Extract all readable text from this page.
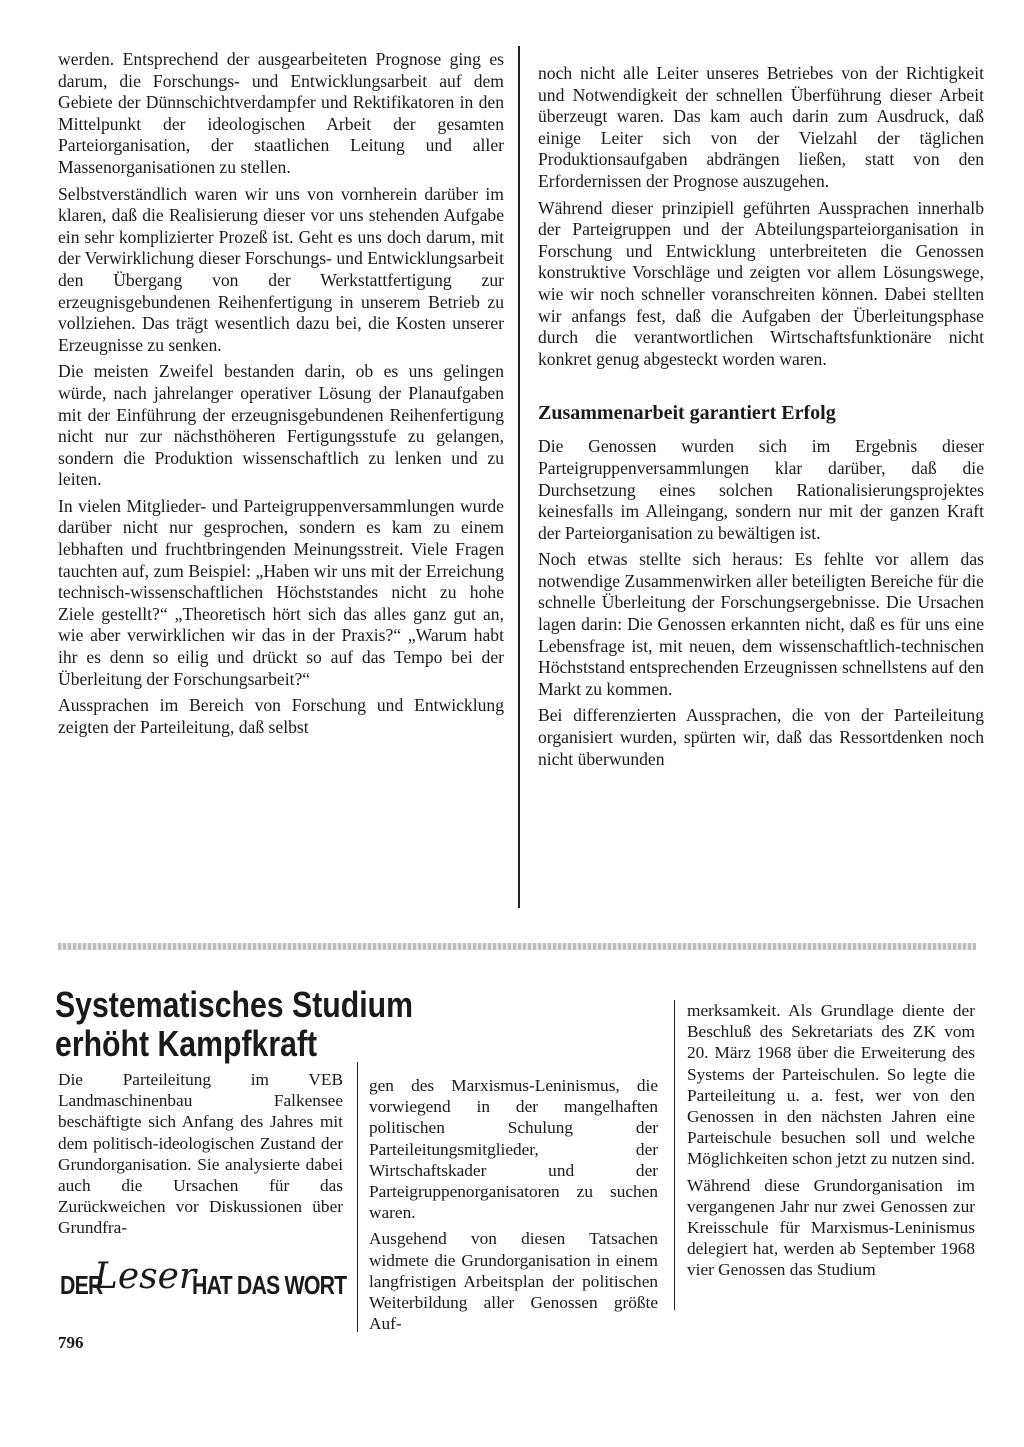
werden. Entsprechend der ausgearbeiteten Prognose ging es darum, die Forschungs- und Entwicklungsarbeit auf dem Gebiete der Dünnschichtverdampfer und Rektifikatoren in den Mittelpunkt der ideologischen Arbeit der gesamten Parteiorganisation, der staatlichen Leitung und aller Massenorganisationen zu stellen.

Selbstverständlich waren wir uns von vornherein darüber im klaren, daß die Realisierung dieser vor uns stehenden Aufgabe ein sehr komplizierter Prozeß ist. Geht es uns doch darum, mit der Verwirklichung dieser Forschungs- und Entwicklungsarbeit den Übergang von der Werkstattfertigung zur erzeugnisgebundenen Reihenfertigung in unserem Betrieb zu vollziehen. Das trägt wesentlich dazu bei, die Kosten unserer Erzeugnisse zu senken.

Die meisten Zweifel bestanden darin, ob es uns gelingen würde, nach jahrelanger operativer Lösung der Planaufgaben mit der Einführung der erzeugnisgebundenen Reihenfertigung nicht nur zur nächsthöheren Fertigungsstufe zu gelangen, sondern die Produktion wissenschaftlich zu lenken und zu leiten.

In vielen Mitglieder- und Parteigruppenversammlungen wurde darüber nicht nur gesprochen, sondern es kam zu einem lebhaften und fruchtbringenden Meinungsstreit. Viele Fragen tauchten auf, zum Beispiel: „Haben wir uns mit der Erreichung technisch-wissenschaftlichen Höchststandes nicht zu hohe Ziele gestellt?“ „Theoretisch hört sich das alles ganz gut an, wie aber verwirklichen wir das in der Praxis?“ „Warum habt ihr es denn so eilig und drückt so auf das Tempo bei der Überleitung der Forschungsarbeit?“

Aussprachen im Bereich von Forschung und Entwicklung zeigten der Parteileitung, daß selbst

noch nicht alle Leiter unseres Betriebes von der Richtigkeit und Notwendigkeit der schnellen Überführung dieser Arbeit überzeugt waren. Das kam auch darin zum Ausdruck, daß einige Leiter sich von der Vielzahl der täglichen Produktionsaufgaben abdrängen ließen, statt von den Erfordernissen der Prognose auszugehen.

Während dieser prinzipiell geführten Aussprachen innerhalb der Parteigruppen und der Abteilungsparteiorganisation in Forschung und Entwicklung unterbreiteten die Genossen konstruktive Vorschläge und zeigten vor allem Lösungswege, wie wir noch schneller voranschreiten können. Dabei stellten wir anfangs fest, daß die Aufgaben der Überleitungsphase durch die verantwortlichen Wirtschaftsfunktionäre nicht konkret genug abgesteckt worden waren.

Zusammenarbeit garantiert Erfolg

Die Genossen wurden sich im Ergebnis dieser Parteigruppenversammlungen klar darüber, daß die Durchsetzung eines solchen Rationalisierungsprojektes keinesfalls im Alleingang, sondern nur mit der ganzen Kraft der Parteiorganisation zu bewältigen ist.

Noch etwas stellte sich heraus: Es fehlte vor allem das notwendige Zusammenwirken aller beteiligten Bereiche für die schnelle Überleitung der Forschungsergebnisse. Die Ursachen lagen darin: Die Genossen erkannten nicht, daß es für uns eine Lebensfrage ist, mit neuen, dem wissenschaftlich-technischen Höchststand entsprechenden Erzeugnissen schnellstens auf den Markt zu kommen.

Bei differenzierten Aussprachen, die von der Parteileitung organisiert wurden, spürten wir, daß das Ressortdenken noch nicht überwunden

Systematisches Studium
erhöht Kampfkraft

Die Parteileitung im VEB Landmaschinenbau Falkensee beschäftigte sich Anfang des Jahres mit dem politisch-ideologischen Zustand der Grundorganisation. Sie analysierte dabei auch die Ursachen für das Zurückweichen vor Diskussionen über Grundfra-

gen des Marxismus-Leninismus, die vorwiegend in der mangelhaften politischen Schulung der Parteileitungsmitglieder, der Wirtschaftskader und der Parteigruppenorganisatoren zu suchen waren.

Ausgehend von diesen Tatsachen widmete die Grundorganisation in einem langfristigen Arbeitsplan der politischen Weiterbildung aller Genossen größte Auf-

merksamkeit. Als Grundlage diente der Beschluß des Sekretariats des ZK vom 20. März 1968 über die Erweiterung des Systems der Parteischulen. So legte die Parteileitung u. a. fest, wer von den Genossen in den nächsten Jahren eine Parteischule besuchen soll und welche Möglichkeiten schon jetzt zu nutzen sind.

Während diese Grundorganisation im vergangenen Jahr nur zwei Genossen zur Kreisschule für Marxismus-Leninismus delegiert hat, werden ab September 1968 vier Genossen das Studium

DERLeserHAT DAS WORT
796
